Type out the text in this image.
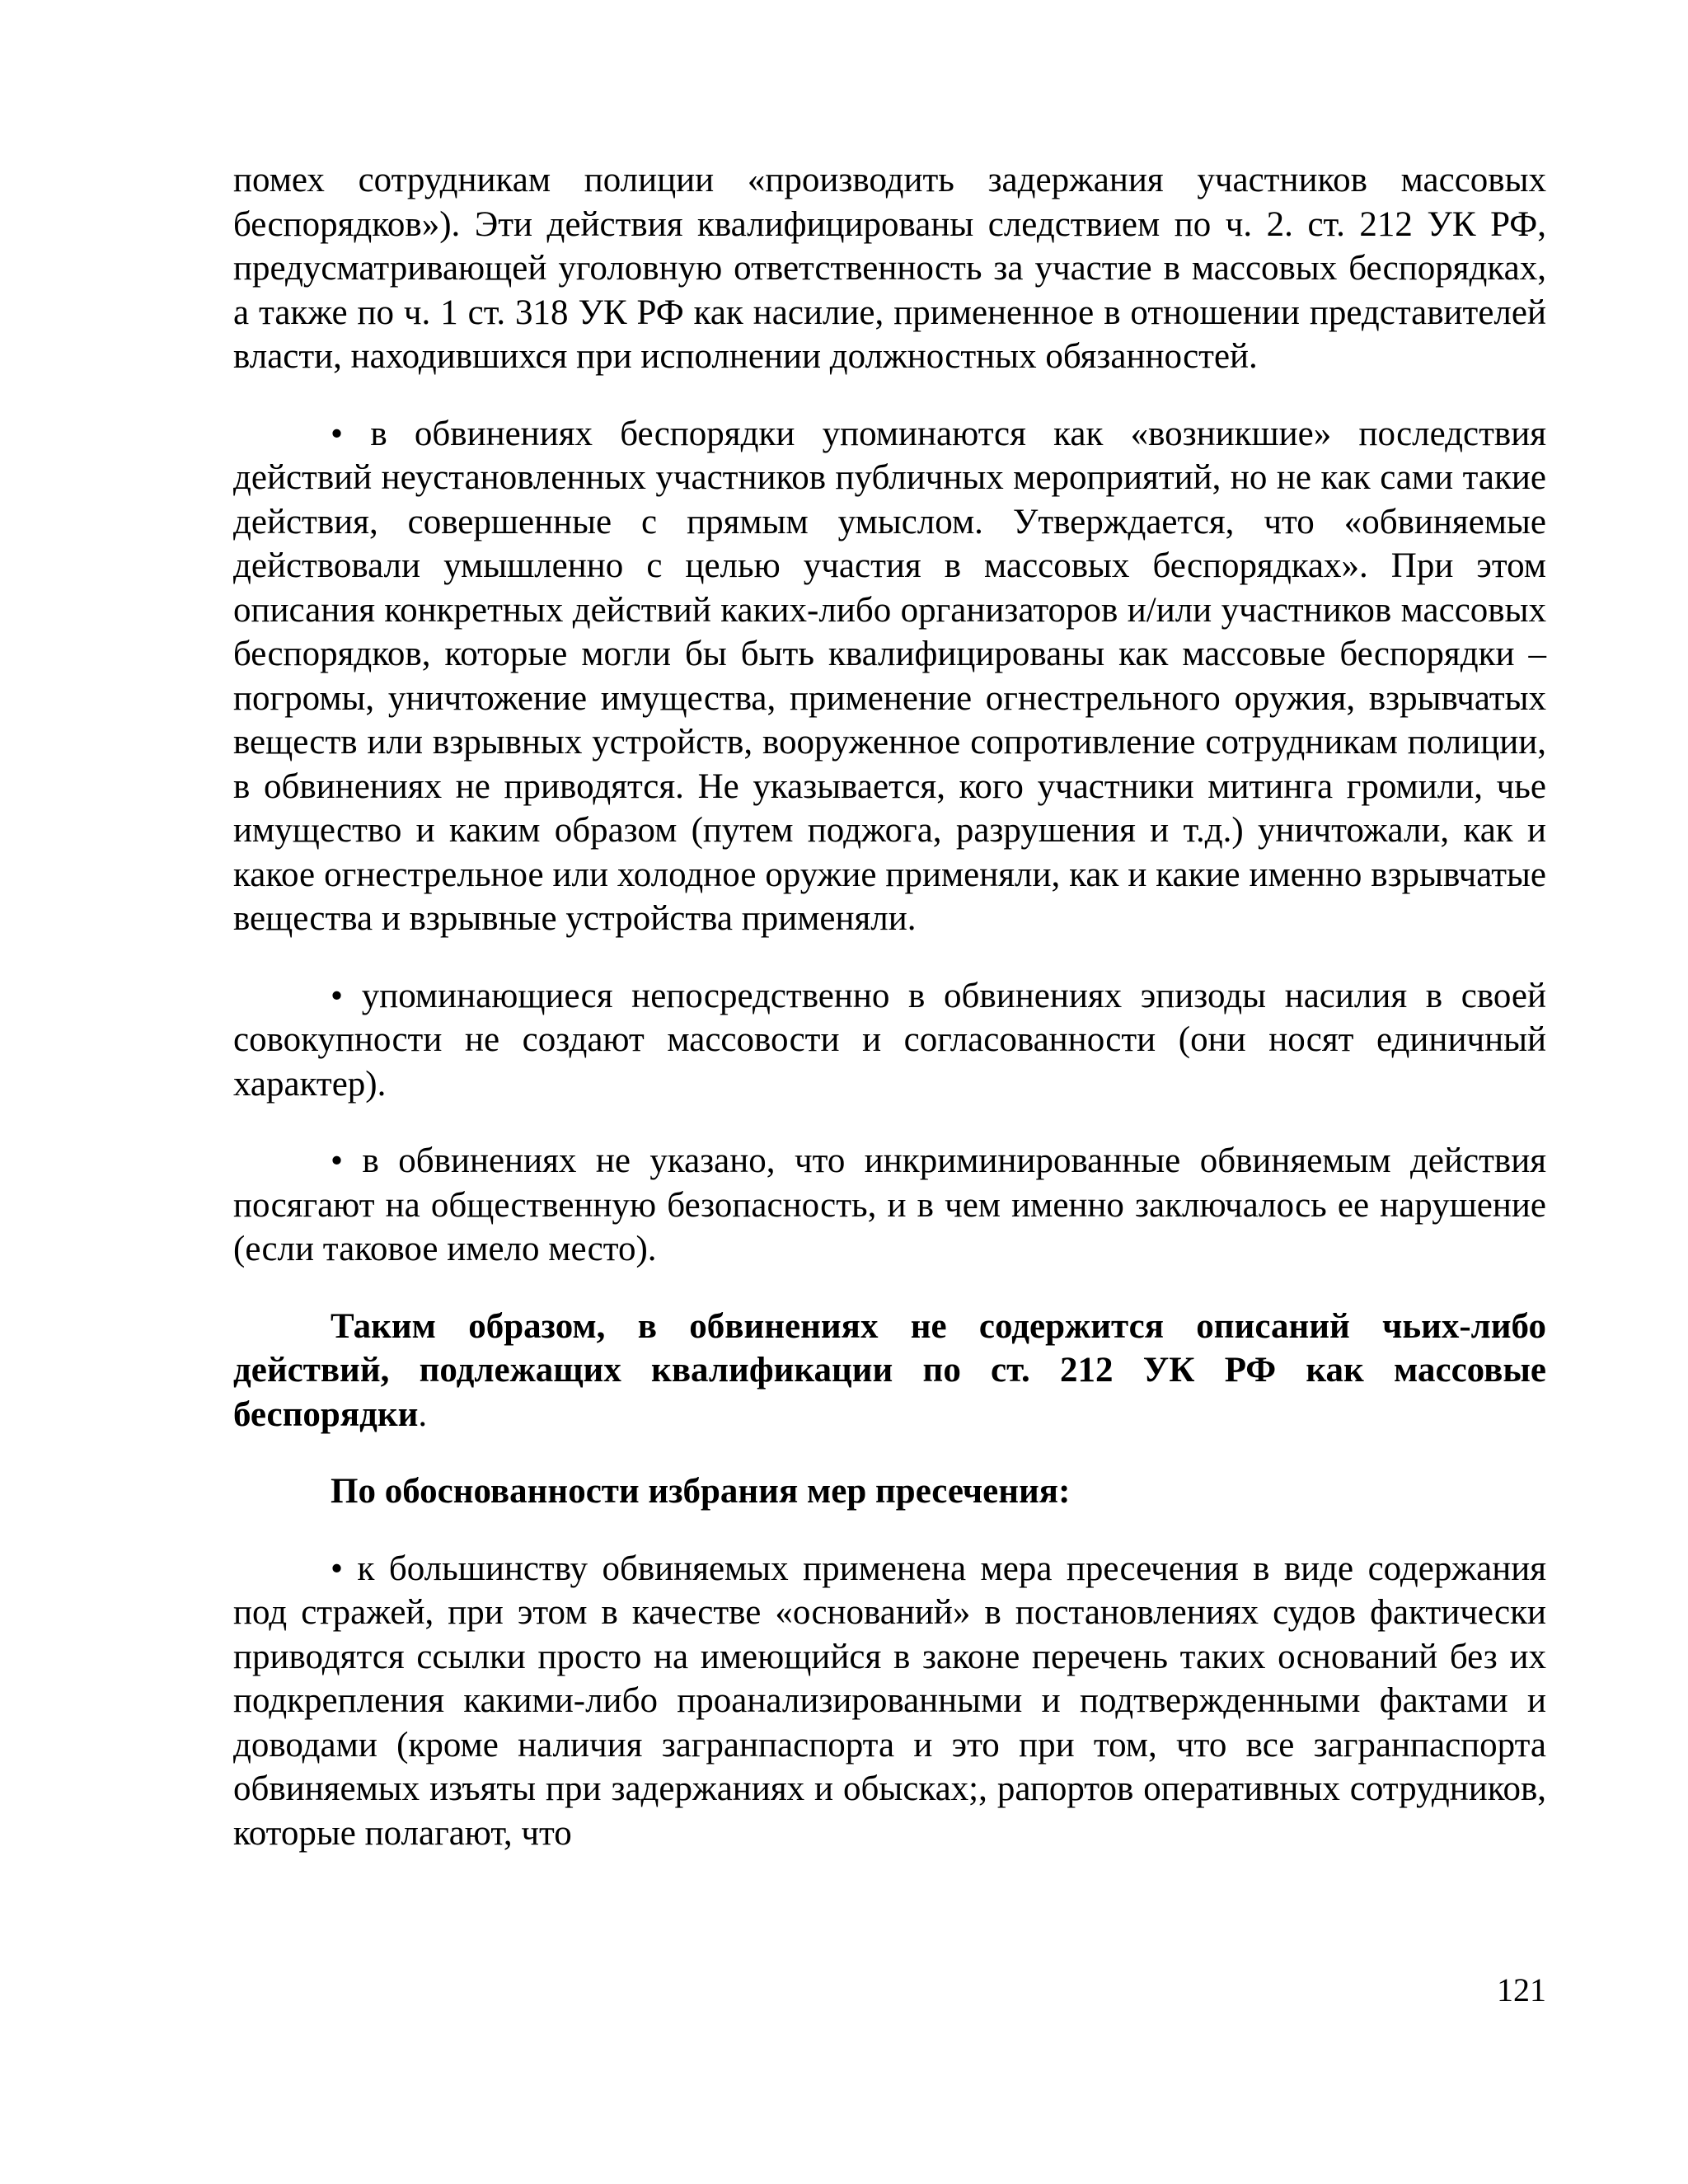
помех сотрудникам полиции «производить задержания участников массовых беспорядков»). Эти действия квалифицированы следствием по ч. 2. ст. 212 УК РФ, предусматривающей уголовную ответственность за участие в массовых беспорядках, а также по ч. 1 ст. 318 УК РФ как насилие, примененное в отношении представителей власти, находившихся при исполнении должностных обязанностей.

• в обвинениях беспорядки упоминаются как «возникшие» последствия действий неустановленных участников публичных мероприятий, но не как сами такие действия, совершенные с прямым умыслом. Утверждается, что «обвиняемые действовали умышленно с целью участия в массовых беспорядках». При этом описания конкретных действий каких-либо организаторов и/или участников массовых беспорядков, которые могли бы быть квалифицированы как массовые беспорядки – погромы, уничтожение имущества, применение огнестрельного оружия, взрывчатых веществ или взрывных устройств, вооруженное сопротивление сотрудникам полиции, в обвинениях не приводятся. Не указывается, кого участники митинга громили, чье имущество и каким образом (путем поджога, разрушения и т.д.) уничтожали, как и какое огнестрельное или холодное оружие применяли, как и какие именно взрывчатые вещества и взрывные устройства применяли.

• упоминающиеся непосредственно в обвинениях эпизоды насилия в своей совокупности не создают массовости и согласованности (они носят единичный характер).

• в обвинениях не указано, что инкриминированные обвиняемым действия посягают на общественную безопасность, и в чем именно заключалось ее нарушение (если таковое имело место).

Таким образом, в обвинениях не содержится описаний чьих-либо действий, подлежащих квалификации по ст. 212 УК РФ как массовые беспорядки.

По обоснованности избрания мер пресечения:

• к большинству обвиняемых применена мера пресечения в виде содержания под стражей, при этом в качестве «оснований» в постановлениях судов фактически приводятся ссылки просто на имеющийся в законе перечень таких оснований без их подкрепления какими-либо проанализированными и подтвержденными фактами и доводами (кроме наличия загранпаспорта и это при том, что все загранпаспорта обвиняемых изъяты при задержаниях и обысках;, рапортов оперативных сотрудников, которые полагают, что

121
